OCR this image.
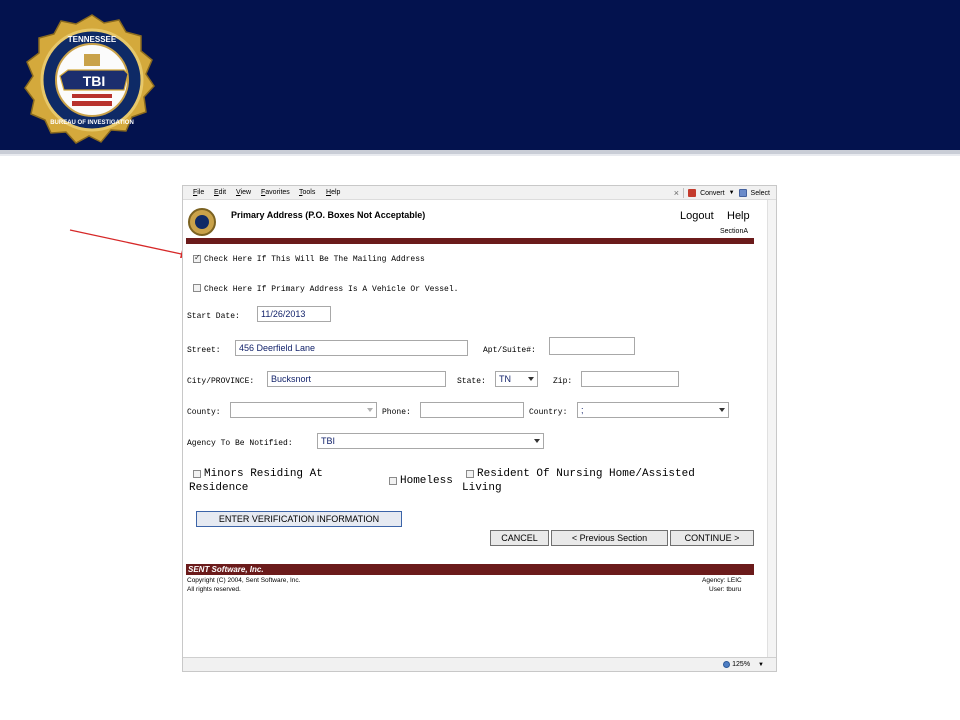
TENNESSEE
TBI
BUREAU OF INVESTIGATION
File Edit View Favorites Tools Help	×	Convert ▼ Select
Primary Address (P.O. Boxes Not Acceptable)	Logout Help
SectionA
✓
Check Here If This Will Be The Mailing Address
Check Here If Primary Address Is A Vehicle Or Vessel.
Start Date:	11/26/2013
Street:	456 Deerfield Lane	Apt/Suite#:
City/PROVINCE:	Bucksnort	State:	TN	Zip:
County:	Phone:	Country:	;
Agency To Be Notified:	TBI
Minors Residing At
Residence
Homeless
Resident Of Nursing Home/Assisted
Living
ENTER VERIFICATION INFORMATION
CANCEL	< Previous Section	CONTINUE >
SENT Software, Inc.
Copyright (C) 2004, Sent Software, Inc.
All rights reserved.
Agency: LEIC
User: tburu
125% ▼
